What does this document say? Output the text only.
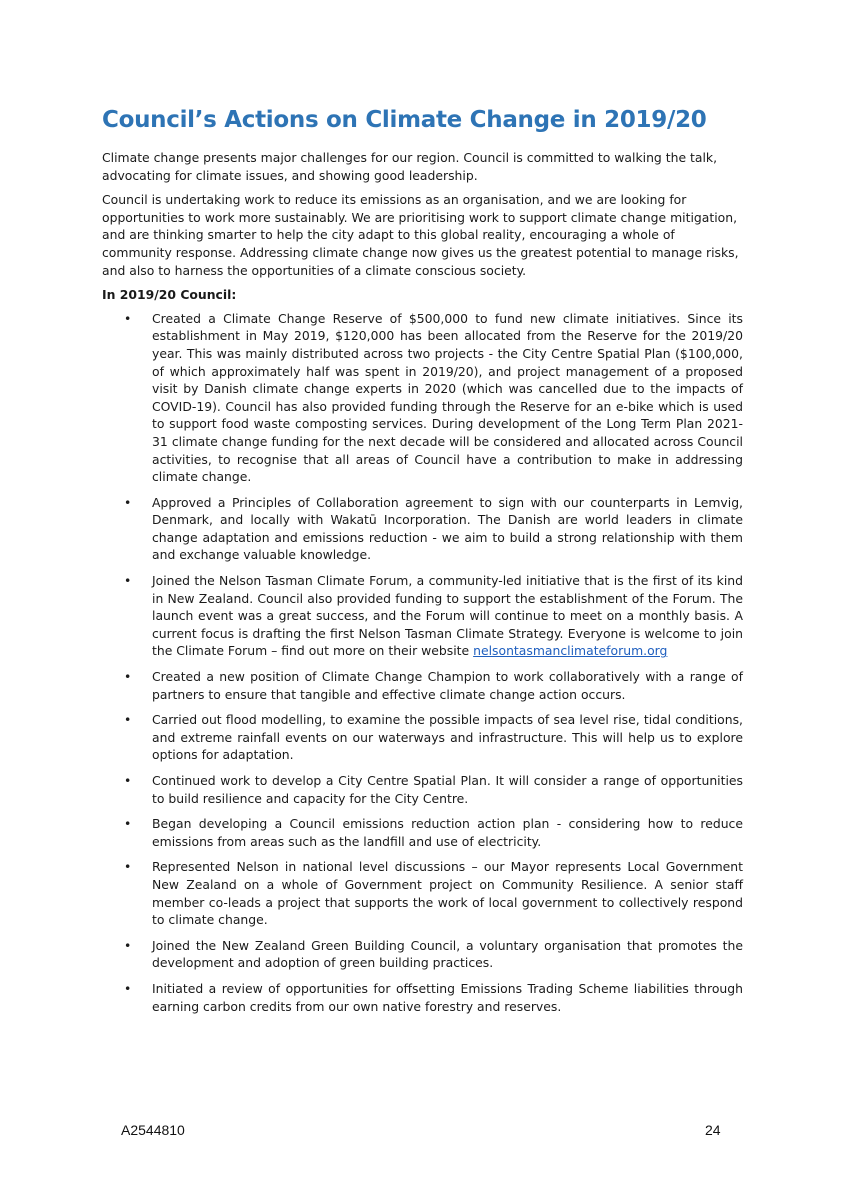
Council’s Actions on Climate Change in 2019/20

Climate change presents major challenges for our region. Council is committed to walking the talk, advocating for climate issues, and showing good leadership.

Council is undertaking work to reduce its emissions as an organisation, and we are looking for opportunities to work more sustainably. We are prioritising work to support climate change mitigation, and are thinking smarter to help the city adapt to this global reality, encouraging a whole of community response. Addressing climate change now gives us the greatest potential to manage risks, and also to harness the opportunities of a climate conscious society.

In 2019/20 Council:

• Created a Climate Change Reserve of $500,000 to fund new climate initiatives. Since its establishment in May 2019, $120,000 has been allocated from the Reserve for the 2019/20 year. This was mainly distributed across two projects - the City Centre Spatial Plan ($100,000, of which approximately half was spent in 2019/20), and project management of a proposed visit by Danish climate change experts in 2020 (which was cancelled due to the impacts of COVID-19). Council has also provided funding through the Reserve for an e-bike which is used to support food waste composting services. During development of the Long Term Plan 2021-31 climate change funding for the next decade will be considered and allocated across Council activities, to recognise that all areas of Council have a contribution to make in addressing climate change.
• Approved a Principles of Collaboration agreement to sign with our counterparts in Lemvig, Denmark, and locally with Wakatū Incorporation. The Danish are world leaders in climate change adaptation and emissions reduction - we aim to build a strong relationship with them and exchange valuable knowledge.
• Joined the Nelson Tasman Climate Forum, a community-led initiative that is the first of its kind in New Zealand. Council also provided funding to support the establishment of the Forum. The launch event was a great success, and the Forum will continue to meet on a monthly basis. A current focus is drafting the first Nelson Tasman Climate Strategy. Everyone is welcome to join the Climate Forum – find out more on their website nelsontasmanclimateforum.org
• Created a new position of Climate Change Champion to work collaboratively with a range of partners to ensure that tangible and effective climate change action occurs.
• Carried out flood modelling, to examine the possible impacts of sea level rise, tidal conditions, and extreme rainfall events on our waterways and infrastructure. This will help us to explore options for adaptation.
• Continued work to develop a City Centre Spatial Plan. It will consider a range of opportunities to build resilience and capacity for the City Centre.
• Began developing a Council emissions reduction action plan - considering how to reduce emissions from areas such as the landfill and use of electricity.
• Represented Nelson in national level discussions – our Mayor represents Local Government New Zealand on a whole of Government project on Community Resilience. A senior staff member co-leads a project that supports the work of local government to collectively respond to climate change.
• Joined the New Zealand Green Building Council, a voluntary organisation that promotes the development and adoption of green building practices.
• Initiated a review of opportunities for offsetting Emissions Trading Scheme liabilities through earning carbon credits from our own native forestry and reserves.
A2544810	24
